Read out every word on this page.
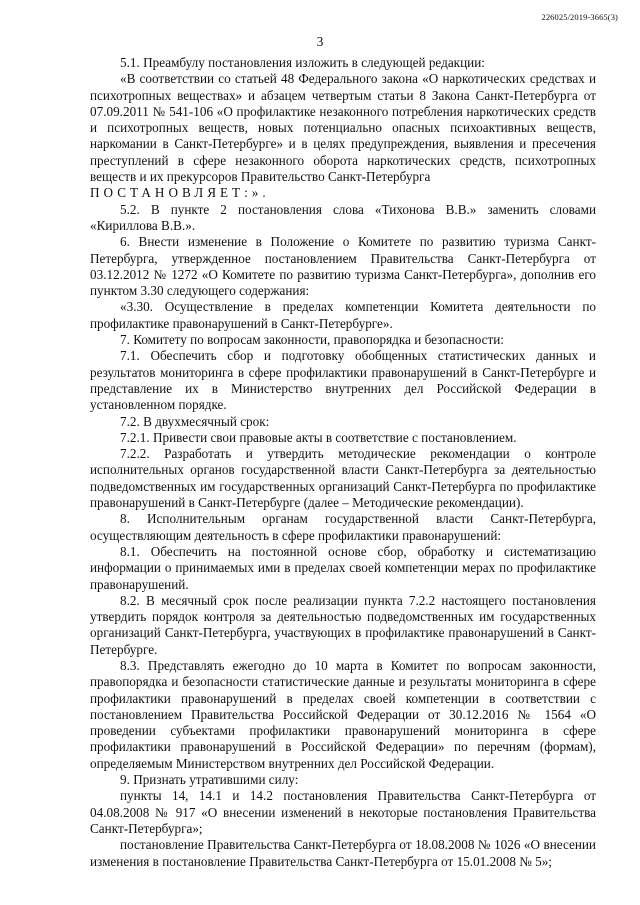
226025/2019-3665(3)
3

5.1. Преамбулу постановления изложить в следующей редакции:

«В соответствии со статьей 48 Федерального закона «О наркотических средствах и психотропных веществах» и абзацем четвертым статьи 8 Закона Санкт-Петербурга от 07.09.2011 № 541-106 «О профилактике незаконного потребления наркотических средств и психотропных веществ, новых потенциально опасных психоактивных веществ, наркомании в Санкт-Петербурге» и в целях предупреждения, выявления и пресечения преступлений в сфере незаконного оборота наркотических средств, психотропных веществ и их прекурсоров Правительство Санкт-Петербурга

ПОСТАНОВЛЯЕТ:».

5.2. В пункте 2 постановления слова «Тихонова В.В.» заменить словами «Кириллова В.В.».

6. Внести изменение в Положение о Комитете по развитию туризма Санкт-Петербурга, утвержденное постановлением Правительства Санкт-Петербурга от 03.12.2012 № 1272 «О Комитете по развитию туризма Санкт-Петербурга», дополнив его пунктом 3.30 следующего содержания:

«3.30. Осуществление в пределах компетенции Комитета деятельности по профилактике правонарушений в Санкт-Петербурге».

7. Комитету по вопросам законности, правопорядка и безопасности:

7.1. Обеспечить сбор и подготовку обобщенных статистических данных и результатов мониторинга в сфере профилактики правонарушений в Санкт-Петербурге и представление их в Министерство внутренних дел Российской Федерации в установленном порядке.

7.2. В двухмесячный срок:

7.2.1. Привести свои правовые акты в соответствие с постановлением.

7.2.2. Разработать и утвердить методические рекомендации о контроле исполнительных органов государственной власти Санкт-Петербурга за деятельностью подведомственных им государственных организаций Санкт-Петербурга по профилактике правонарушений в Санкт-Петербурге (далее – Методические рекомендации).

8. Исполнительным органам государственной власти Санкт-Петербурга, осуществляющим деятельность в сфере профилактики правонарушений:

8.1. Обеспечить на постоянной основе сбор, обработку и систематизацию информации о принимаемых ими в пределах своей компетенции мерах по профилактике правонарушений.

8.2. В месячный срок после реализации пункта 7.2.2 настоящего постановления утвердить порядок контроля за деятельностью подведомственных им государственных организаций Санкт-Петербурга, участвующих в профилактике правонарушений в Санкт-Петербурге.

8.3. Представлять ежегодно до 10 марта в Комитет по вопросам законности, правопорядка и безопасности статистические данные и результаты мониторинга в сфере профилактики правонарушений в пределах своей компетенции в соответствии с постановлением Правительства Российской Федерации от 30.12.2016 № 1564 «О проведении субъектами профилактики правонарушений мониторинга в сфере профилактики правонарушений в Российской Федерации» по перечням (формам), определяемым Министерством внутренних дел Российской Федерации.

9. Признать утратившими силу:

пункты 14, 14.1 и 14.2 постановления Правительства Санкт-Петербурга от 04.08.2008 № 917 «О внесении изменений в некоторые постановления Правительства Санкт-Петербурга»;

постановление Правительства Санкт-Петербурга от 18.08.2008 № 1026 «О внесении изменения в постановление Правительства Санкт-Петербурга от 15.01.2008 № 5»;
